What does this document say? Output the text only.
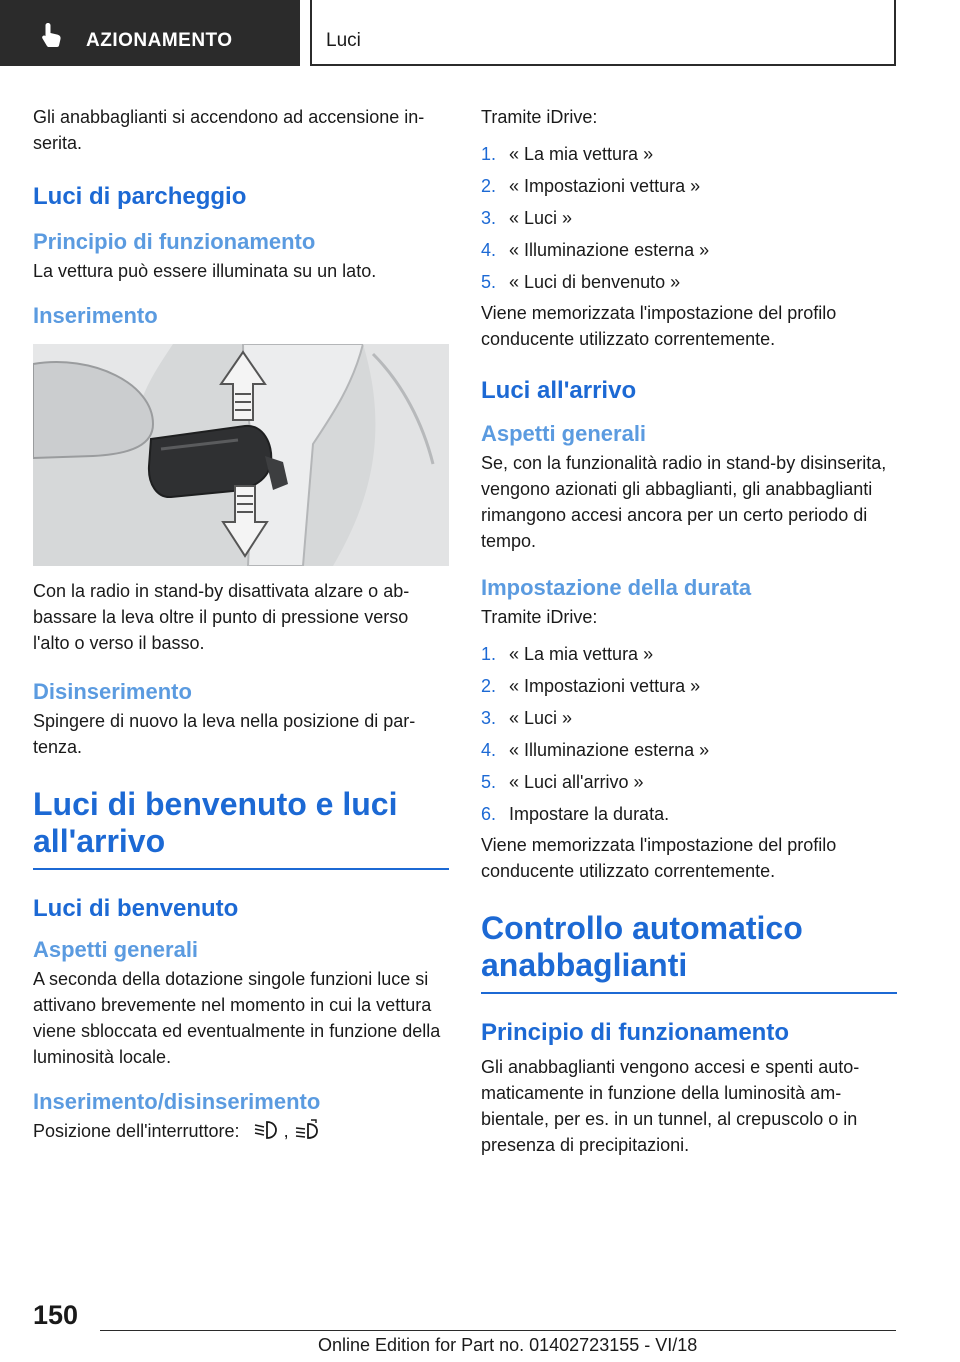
AZIONAMENTO	Luci

Gli anabbaglianti si accendono ad accensione inserita.

Luci di parcheggio
Principio di funzionamento

La vettura può essere illuminata su un lato.

Inserimento

Con la radio in stand-by disattivata alzare o abbassare la leva oltre il punto di pressione verso l'alto o verso il basso.

Disinserimento

Spingere di nuovo la leva nella posizione di partenza.

Luci di benvenuto e luci all'arrivo
Luci di benvenuto
Aspetti generali

A seconda della dotazione singole funzioni luce si attivano brevemente nel momento in cui la vettura viene sbloccata ed eventualmente in funzione della luminosità locale.

Inserimento/disinserimento

Posizione dell'interruttore: ,

Tramite iDrive:

1. « La mia vettura »
2. « Impostazioni vettura »
3. « Luci »
4. « Illuminazione esterna »
5. « Luci di benvenuto »

Viene memorizzata l'impostazione del profilo conducente utilizzato correntemente.

Luci all'arrivo
Aspetti generali

Se, con la funzionalità radio in stand-by disinserita, vengono azionati gli abbaglianti, gli anabbaglianti rimangono accesi ancora per un certo periodo di tempo.

Impostazione della durata

Tramite iDrive:

1. « La mia vettura »
2. « Impostazioni vettura »
3. « Luci »
4. « Illuminazione esterna »
5. « Luci all'arrivo »
6. Impostare la durata.

Viene memorizzata l'impostazione del profilo conducente utilizzato correntemente.

Controllo automatico anabbaglianti
Principio di funzionamento

Gli anabbaglianti vengono accesi e spenti automaticamente in funzione della luminosità ambientale, per es. in un tunnel, al crepuscolo o in presenza di precipitazioni.

150
Online Edition for Part no. 01402723155 - VI/18
